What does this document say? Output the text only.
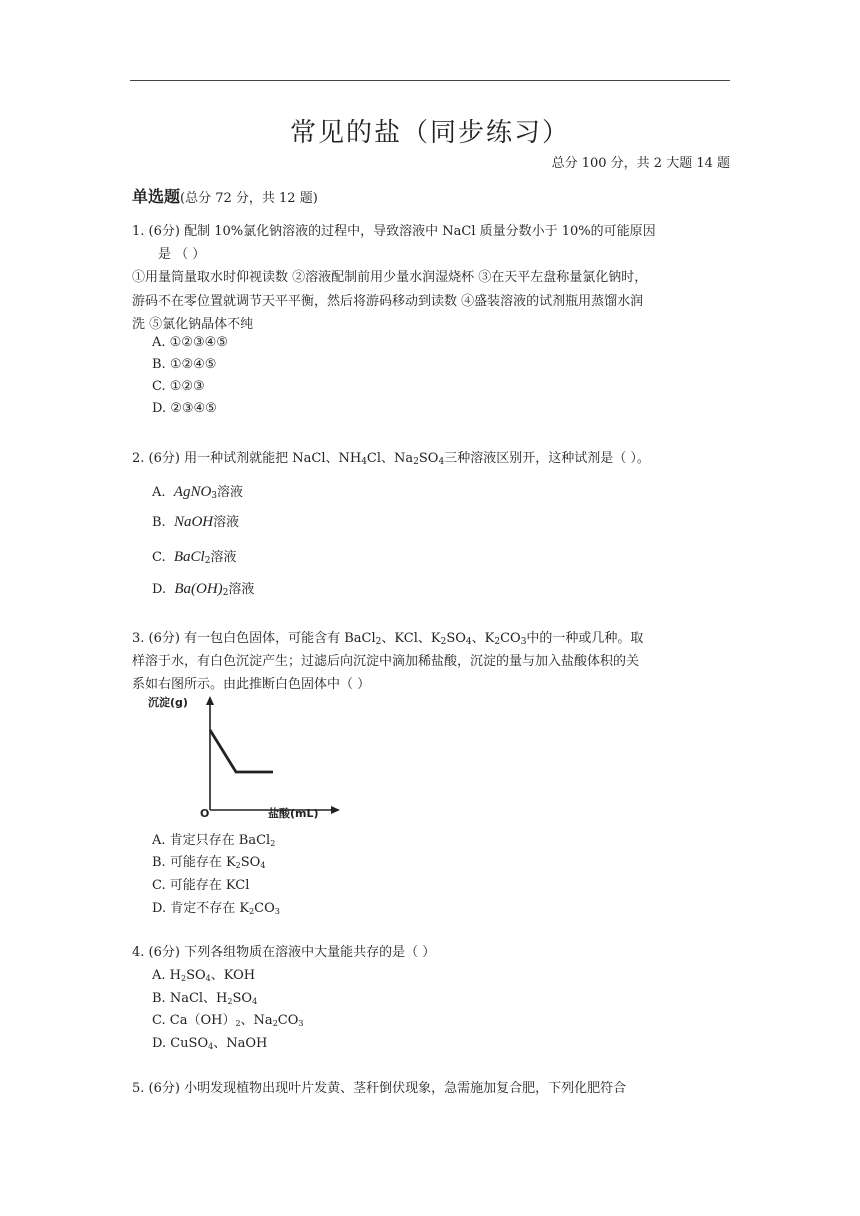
常见的盐（同步练习）
总分 100 分，共 2 大题 14 题
单选题(总分 72 分，共 12 题)
1. (6分) 配制 10%氯化钠溶液的过程中，导致溶液中 NaCl 质量分数小于 10%的可能原因
是 （ ）
①用量筒量取水时仰视读数 ②溶液配制前用少量水润湿烧杯 ③在天平左盘称量氯化钠时，
游码不在零位置就调节天平平衡，然后将游码移动到读数 ④盛装溶液的试剂瓶用蒸馏水润
洗 ⑤氯化钠晶体不纯
A. ①②③④⑤
B. ①②④⑤
C. ①②③
D. ②③④⑤
2. (6分) 用一种试剂就能把 NaCl、$NH_4Cl$、$Na_2SO_4$三种溶液区别开，这种试剂是（ ）。
A. AgNO$_3$溶液
B. NaOH溶液
C. BaCl$_2$溶液
D. $Ba(OH)_2$溶液
3. (6分) 有一包白色固体，可能含有 BaCl$_2$、KCl、$K_2SO_4$、$K_2CO_3$中的一种或几种。取
样溶于水，有白色沉淀产生；过滤后向沉淀中滴加稀盐酸，沉淀的量与加入盐酸体积的关
系如右图所示。由此推断白色固体中（ ）
沉淀(g)
O	盐酸(mL)
A. 肯定只存在 BaCl$_2$
B. 可能存在 $K_2SO_4$
C. 可能存在 KCl
D. 肯定不存在 $K_2CO_3$
4. (6分) 下列各组物质在溶液中大量能共存的是（ ）
A. $H_2SO_4$、KOH
B. NaCl、$H_2SO_4$
C. $Ca(OH)_2$、$Na_2CO_3$
D. CuSO$_4$、NaOH
5. (6分) 小明发现植物出现叶片发黄、茎秆倒伏现象，急需施加复合肥，下列化肥符合
